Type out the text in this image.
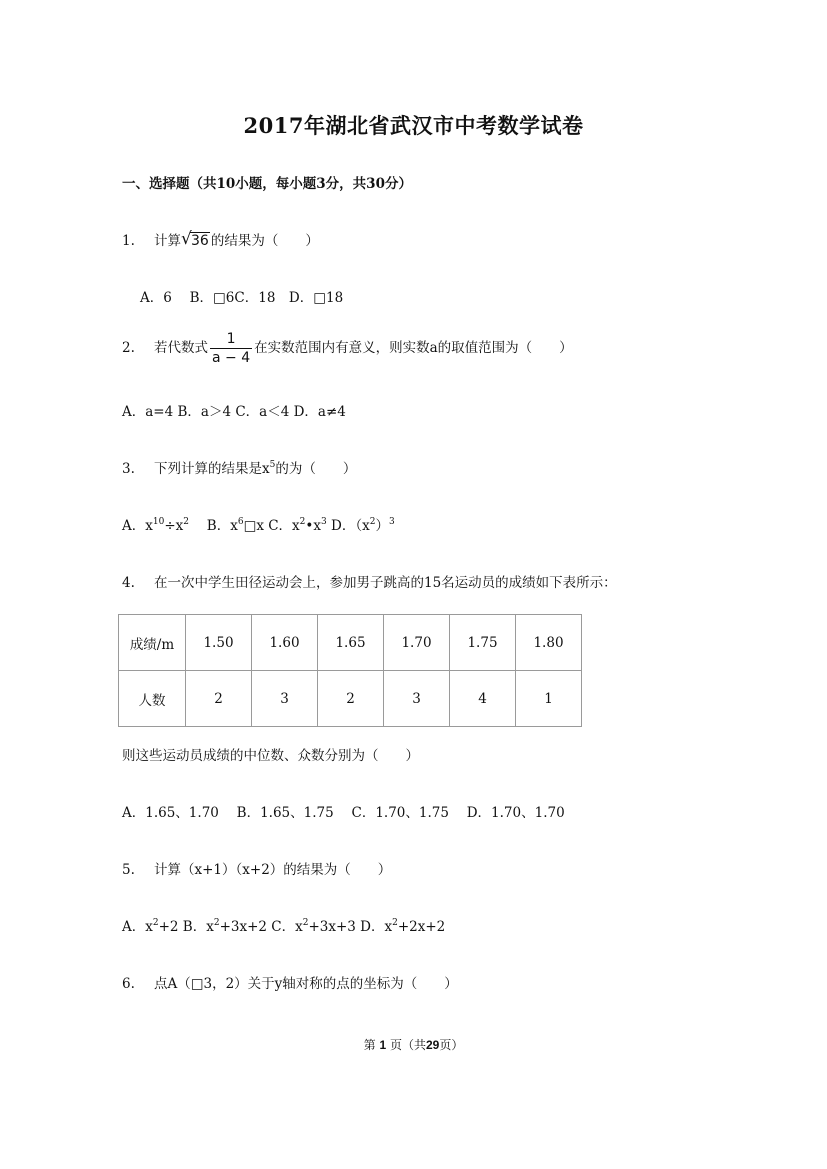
2017年湖北省武汉市中考数学试卷
一、选择题（共10小题，每小题3分，共30分）
1. 计算 √ 36 的结果为（　　）
A．6　 B．□6C．18　D．□18
2. 若代数式 $\frac{1}{a - 4}$ 在实数范围内有意义，则实数a的取值范围为（　　）
A．a=4 B．a＞4 C．a＜4 D．a≠4
3. 下列计算的结果是$x^5$的为（　　）
A．$x^{10}\div x^2$　 B．$x^6□x$ C．$x^2•x^3$ D．$(x^2)^3$
4. 在一次中学生田径运动会上，参加男子跳高的15名运动员的成绩如下表所示：
成绩/m	1.50	1.60	1.65	1.70	1.75	1.80
人数	2	3	2	3	4	1
则这些运动员成绩的中位数、众数分别为（　　）
A．1.65、1.70　 B．1.65、1.75　 C．1.70、1.75　 D．1.70、1.70
5. 计算（x+1）（x+2）的结果为（　　）
A．$x^2+2$ B．$x^2+3x+2$ C．$x^2+3x+3$ D．$x^2+2x+2$
6. 点A（□3，2）关于y轴对称的点的坐标为（　　）
第 1 页（共29页）
